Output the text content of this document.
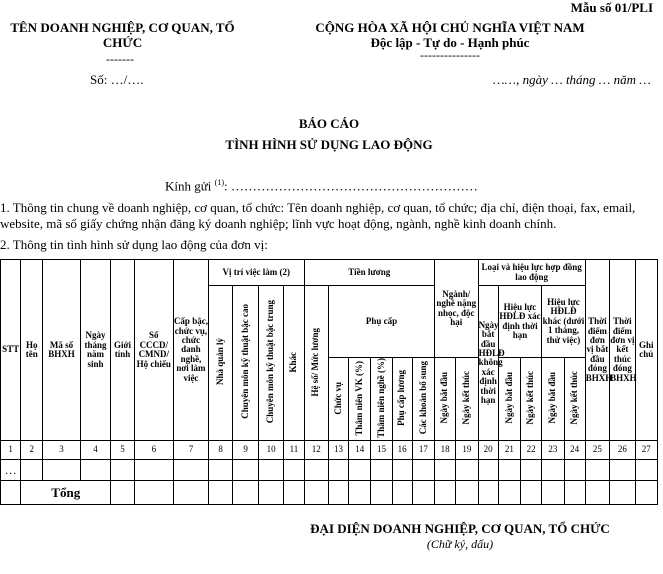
Mẫu số 01/PLI
TÊN DOANH NGHIỆP, CƠ QUAN, TỔ
CHỨC
-------
Số: …/….
CỘNG HÒA XÃ HỘI CHỦ NGHĨA VIỆT NAM
Độc lập - Tự do - Hạnh phúc
---------------
……, ngày … tháng … năm …
BÁO CÁO
TÌNH HÌNH SỬ DỤNG LAO ĐỘNG
Kính gửi $^{(1)}$: …………………………………………………
1. Thông tin chung về doanh nghiệp, cơ quan, tổ chức: Tên doanh nghiệp, cơ quan, tổ chức; địa chỉ, điện thoại, fax, email, website, mã số giấy chứng nhận đăng ký doanh nghiệp; lĩnh vực hoạt động, ngành, nghề kinh doanh chính.
2. Thông tin tình hình sử dụng lao động của đơn vị:
STT	Họ tên	Mã số BHXH	Ngày tháng năm sinh	Giới tính	Số CCCD/ CMND/ Hộ chiếu	Cấp bậc, chức vụ, chức danh nghề, nơi làm việc	Vị trí việc làm (2)				Tiền lương						Ngành/ nghề nặng nhọc, độc hại		Loại và hiệu lực hợp đồng lao động					Thời điểm đơn vị bắt đầu đóng BHXH	Thời điểm đơn vị kết thúc đóng BHXH	Ghi chú
							Nhà quản lý	Chuyên môn kỹ thuật bậc cao	Chuyên môn kỹ thuật bậc trung	Khác	Hệ số/ Mức lương	Phụ cấp							Ngày bắt đầu HĐLĐ không xác định thời hạn	Hiệu lực HĐLĐ xác định thời hạn		Hiệu lực HĐLĐ khác (dưới 1 tháng, thử việc)				
												Chức vụ	Thâm niên VK (%)	Thâm niên nghề (%)	Phụ cấp lương	Các khoản bổ sung	Ngày bắt đầu	Ngày kết thúc		Ngày bắt đầu	Ngày kết thúc	Ngày bắt đầu	Ngày kết thúc			
1	2	3	4	5	6	7	8	9	10	11	12	13	14	15	16	17	18	19	20	21	22	23	24	25	26	27
…																										
	Tổng																									
ĐẠI DIỆN DOANH NGHIỆP, CƠ QUAN, TỔ CHỨC
(Chữ ký, dấu)
